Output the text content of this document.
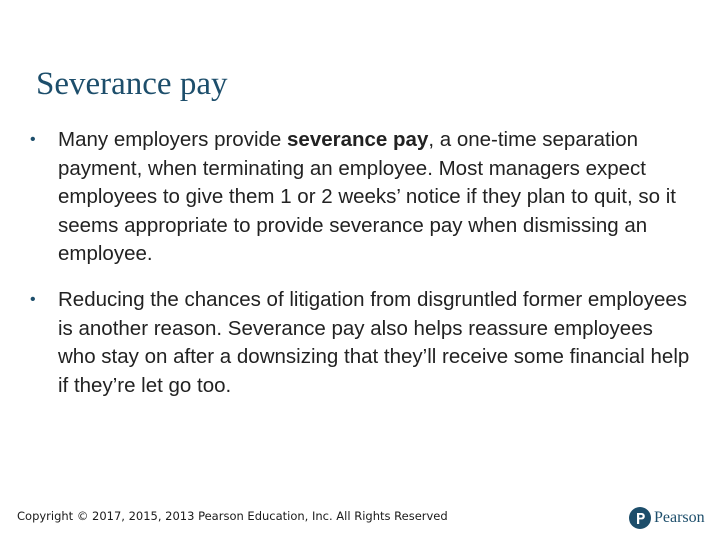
Severance pay
•	Many employers provide severance pay, a one-time separation payment, when terminating an employee. Most managers expect employees to give them 1 or 2 weeks’ notice if they plan to quit, so it seems appropriate to provide severance pay when dismissing an employee.
•	Reducing the chances of litigation from disgruntled former employees is another reason. Severance pay also helps reassure employees who stay on after a downsizing that they’ll receive some financial help if they’re let go too.
Copyright © 2017, 2015, 2013 Pearson Education, Inc. All Rights Reserved	Pearson
